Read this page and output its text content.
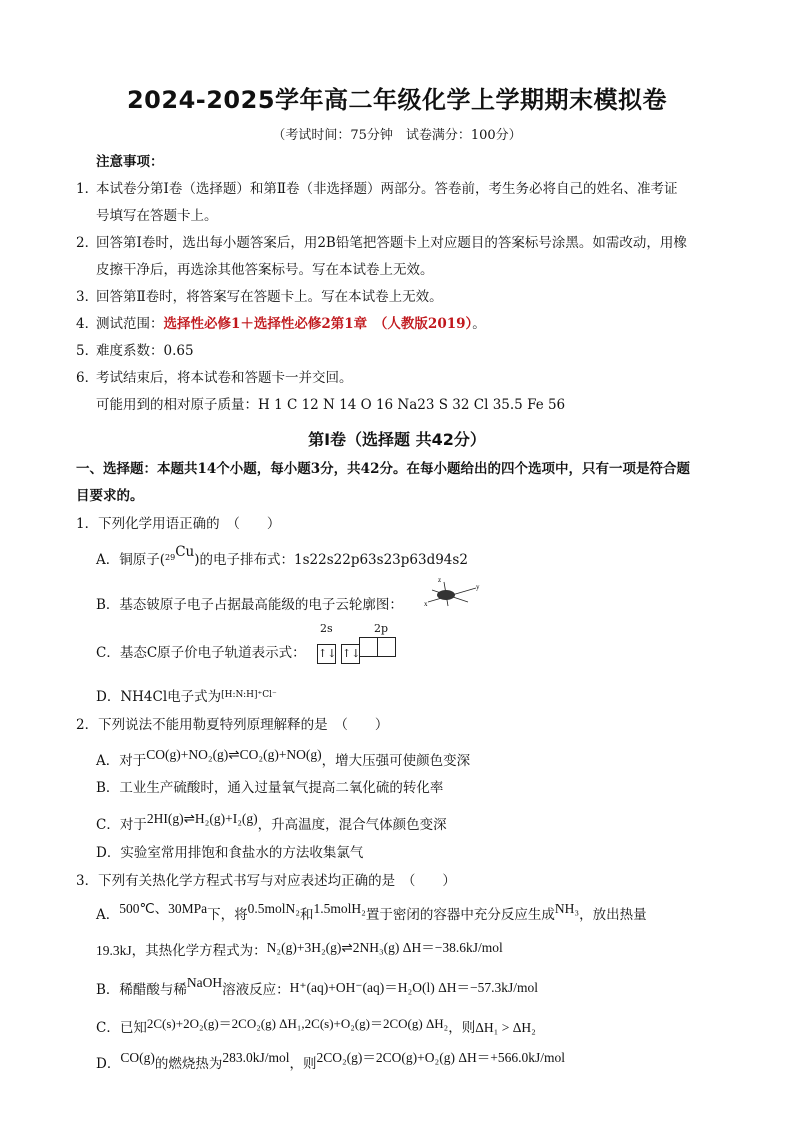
2024-2025学年高二年级化学上学期期末模拟卷
（考试时间：75分钟　试卷满分：100分）
注意事项：
1．本试卷分第Ⅰ卷（选择题）和第Ⅱ卷（非选择题）两部分。答卷前，考生务必将自己的姓名、准考证
号填写在答题卡上。
2．回答第Ⅰ卷时，选出每小题答案后，用2B铅笔把答题卡上对应题目的答案标号涂黑。如需改动，用橡
皮擦干净后，再选涂其他答案标号。写在本试卷上无效。
3．回答第Ⅱ卷时，将答案写在答题卡上。写在本试卷上无效。
4．测试范围：选择性必修1＋选择性必修2第1章　（人教版2019）。
5．难度系数：0.65
6．考试结束后，将本试卷和答题卡一并交回。
可能用到的相对原子质量：H 1 C 12 N 14 O 16 Na23 S 32 Cl 35.5 Fe 56
第Ⅰ卷（选择题 共42分）
一、选择题：本题共14个小题，每小题3分，共42分。在每小题给出的四个选项中，只有一项是符合题
目要求的。
1．下列化学用语正确的　（　　）
A．铜原子($^{29}$Cu)的电子排布式：1s22s22p63s23p63d94s2
B．基态铍原子电子占据最高能级的电子云轮廓图：	x
y
z
C．基态C原子价电子轨道表示式：
2s	2p
↑↓ ↑↓
D．NH4Cl电子式为$^{[H:N:H]^+Cl^-}$
2．下列说法不能用勒夏特列原理解释的是　（　　）
A．对于CO(g)+NO₂(g)⇌CO₂(g)+NO(g)，增大压强可使颜色变深
B．工业生产硫酸时，通入过量氧气提高二氧化硫的转化率
C．对于2HI(g)⇌H₂(g)+I₂(g)，升高温度，混合气体颜色变深
D．实验室常用排饱和食盐水的方法收集氯气
3．下列有关热化学方程式书写与对应表述均正确的是　（　　）
A．500℃、30MPa下，将0.5molN₂和1.5molH₂置于密闭的容器中充分反应生成NH₃，放出热量
19.3kJ，其热化学方程式为：N₂(g)+3H₂(g)⇌2NH₃(g) ΔH＝−38.6kJ/mol
B．稀醋酸与稀NaOH溶液反应：H⁺(aq)+OH⁻(aq)＝H₂O(l) ΔH＝−57.3kJ/mol
C．已知2C(s)+2O₂(g)＝2CO₂(g) ΔH₁,2C(s)+O₂(g)＝2CO(g) ΔH₂，则ΔH₁ > ΔH₂
D．CO(g)的燃烧热为283.0kJ/mol，则2CO₂(g)＝2CO(g)+O₂(g) ΔH＝+566.0kJ/mol
